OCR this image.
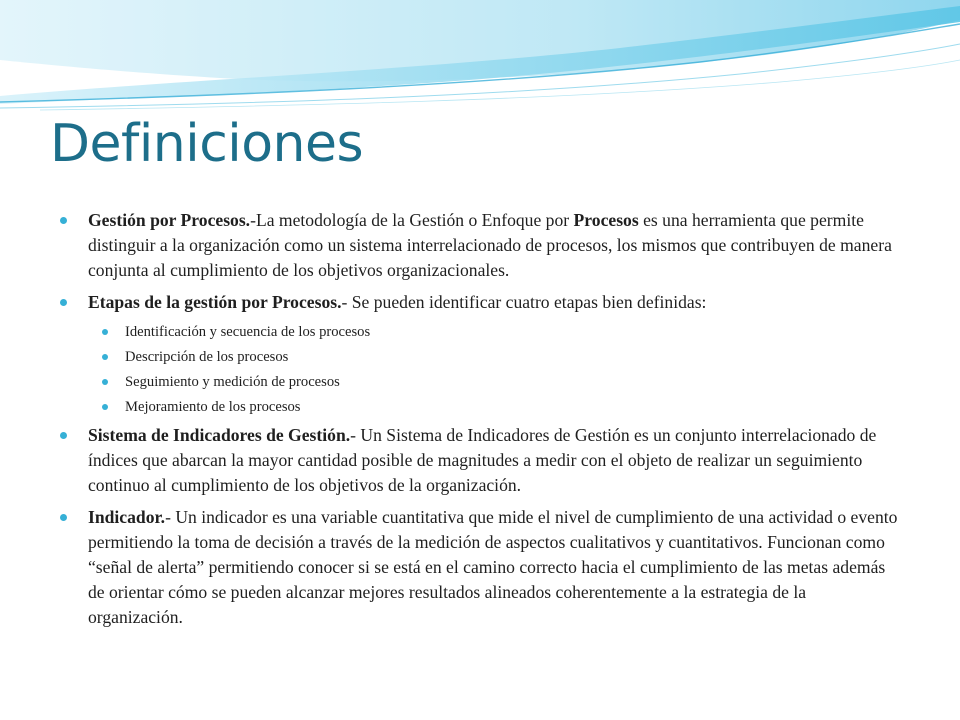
Definiciones
Gestión por Procesos.-La metodología de la Gestión o Enfoque por Procesos es una herramienta que permite distinguir a la organización como un sistema interrelacionado de procesos, los mismos que contribuyen de manera conjunta al cumplimiento de los objetivos organizacionales.
Etapas de la gestión por Procesos.- Se pueden identificar cuatro etapas bien definidas:
Identificación y secuencia de los procesos
Descripción de los procesos
Seguimiento y medición de procesos
Mejoramiento de los procesos
Sistema de Indicadores de Gestión.- Un Sistema de Indicadores de Gestión es un conjunto interrelacionado de índices que abarcan la mayor cantidad posible de magnitudes a medir con el objeto de realizar un seguimiento continuo al cumplimiento de los objetivos de la organización.
Indicador.- Un indicador es una variable cuantitativa que mide el nivel de cumplimiento de una actividad o evento permitiendo la toma de decisión a través de la medición de aspectos cualitativos y cuantitativos. Funcionan como “señal de alerta” permitiendo conocer si se está en el camino correcto hacia el cumplimiento de las metas además de orientar cómo se pueden alcanzar mejores resultados alineados coherentemente a la estrategia de la organización.
